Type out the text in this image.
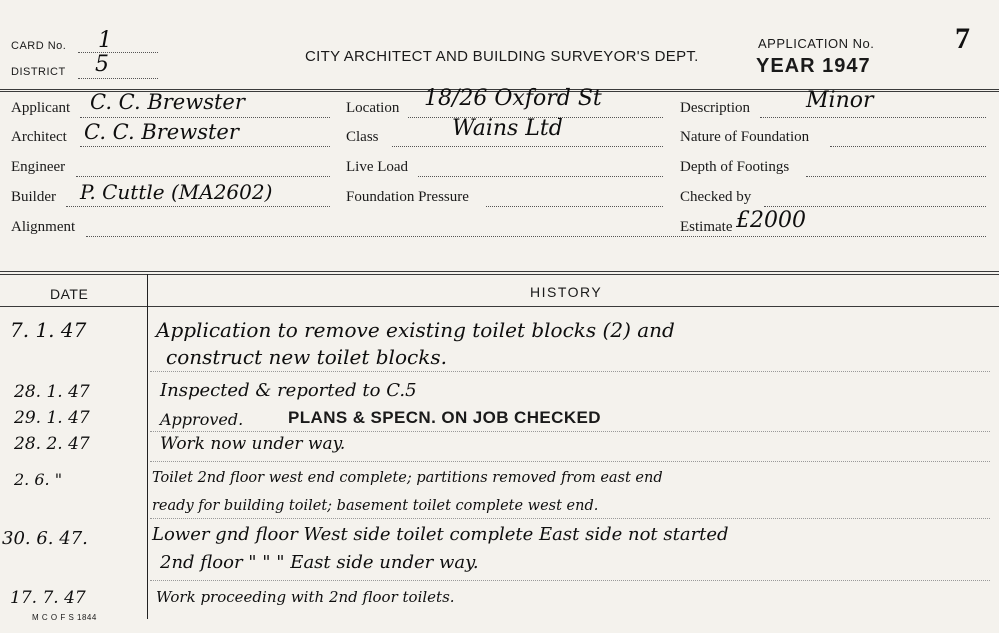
CARD No. 1
DISTRICT 5	CITY ARCHITECT AND BUILDING SURVEYOR'S DEPT.
APPLICATION No.	7
YEAR 1947
Applicant C. C. Brewster
Architect C. C. Brewster
Engineer
Builder P. Cuttle (MA2602)
Alignment
Location 18/26 Oxford St
Class	Wains Ltd
Live Load
Foundation Pressure
Description	Minor
Nature of Foundation
Depth of Footings
Checked by
Estimate £2000
DATE	HISTORY
7. 1. 47	Application to remove existing toilet blocks (2) and
construct new toilet blocks.
28. 1. 47	Inspected & reported to C.5
29. 1. 47	Approved.	PLANS & SPECN. ON JOB CHECKED
28. 2. 47	Work now under way.
2. 6. "	Toilet 2nd floor west end complete; partitions removed from east end
ready for building toilet; basement toilet complete west end.
30. 6. 47.	Lower gnd floor West side toilet complete East side not started
2nd floor " " " East side under way.
17. 7. 47	Work proceeding with 2nd floor toilets.
M C O F S 1844
